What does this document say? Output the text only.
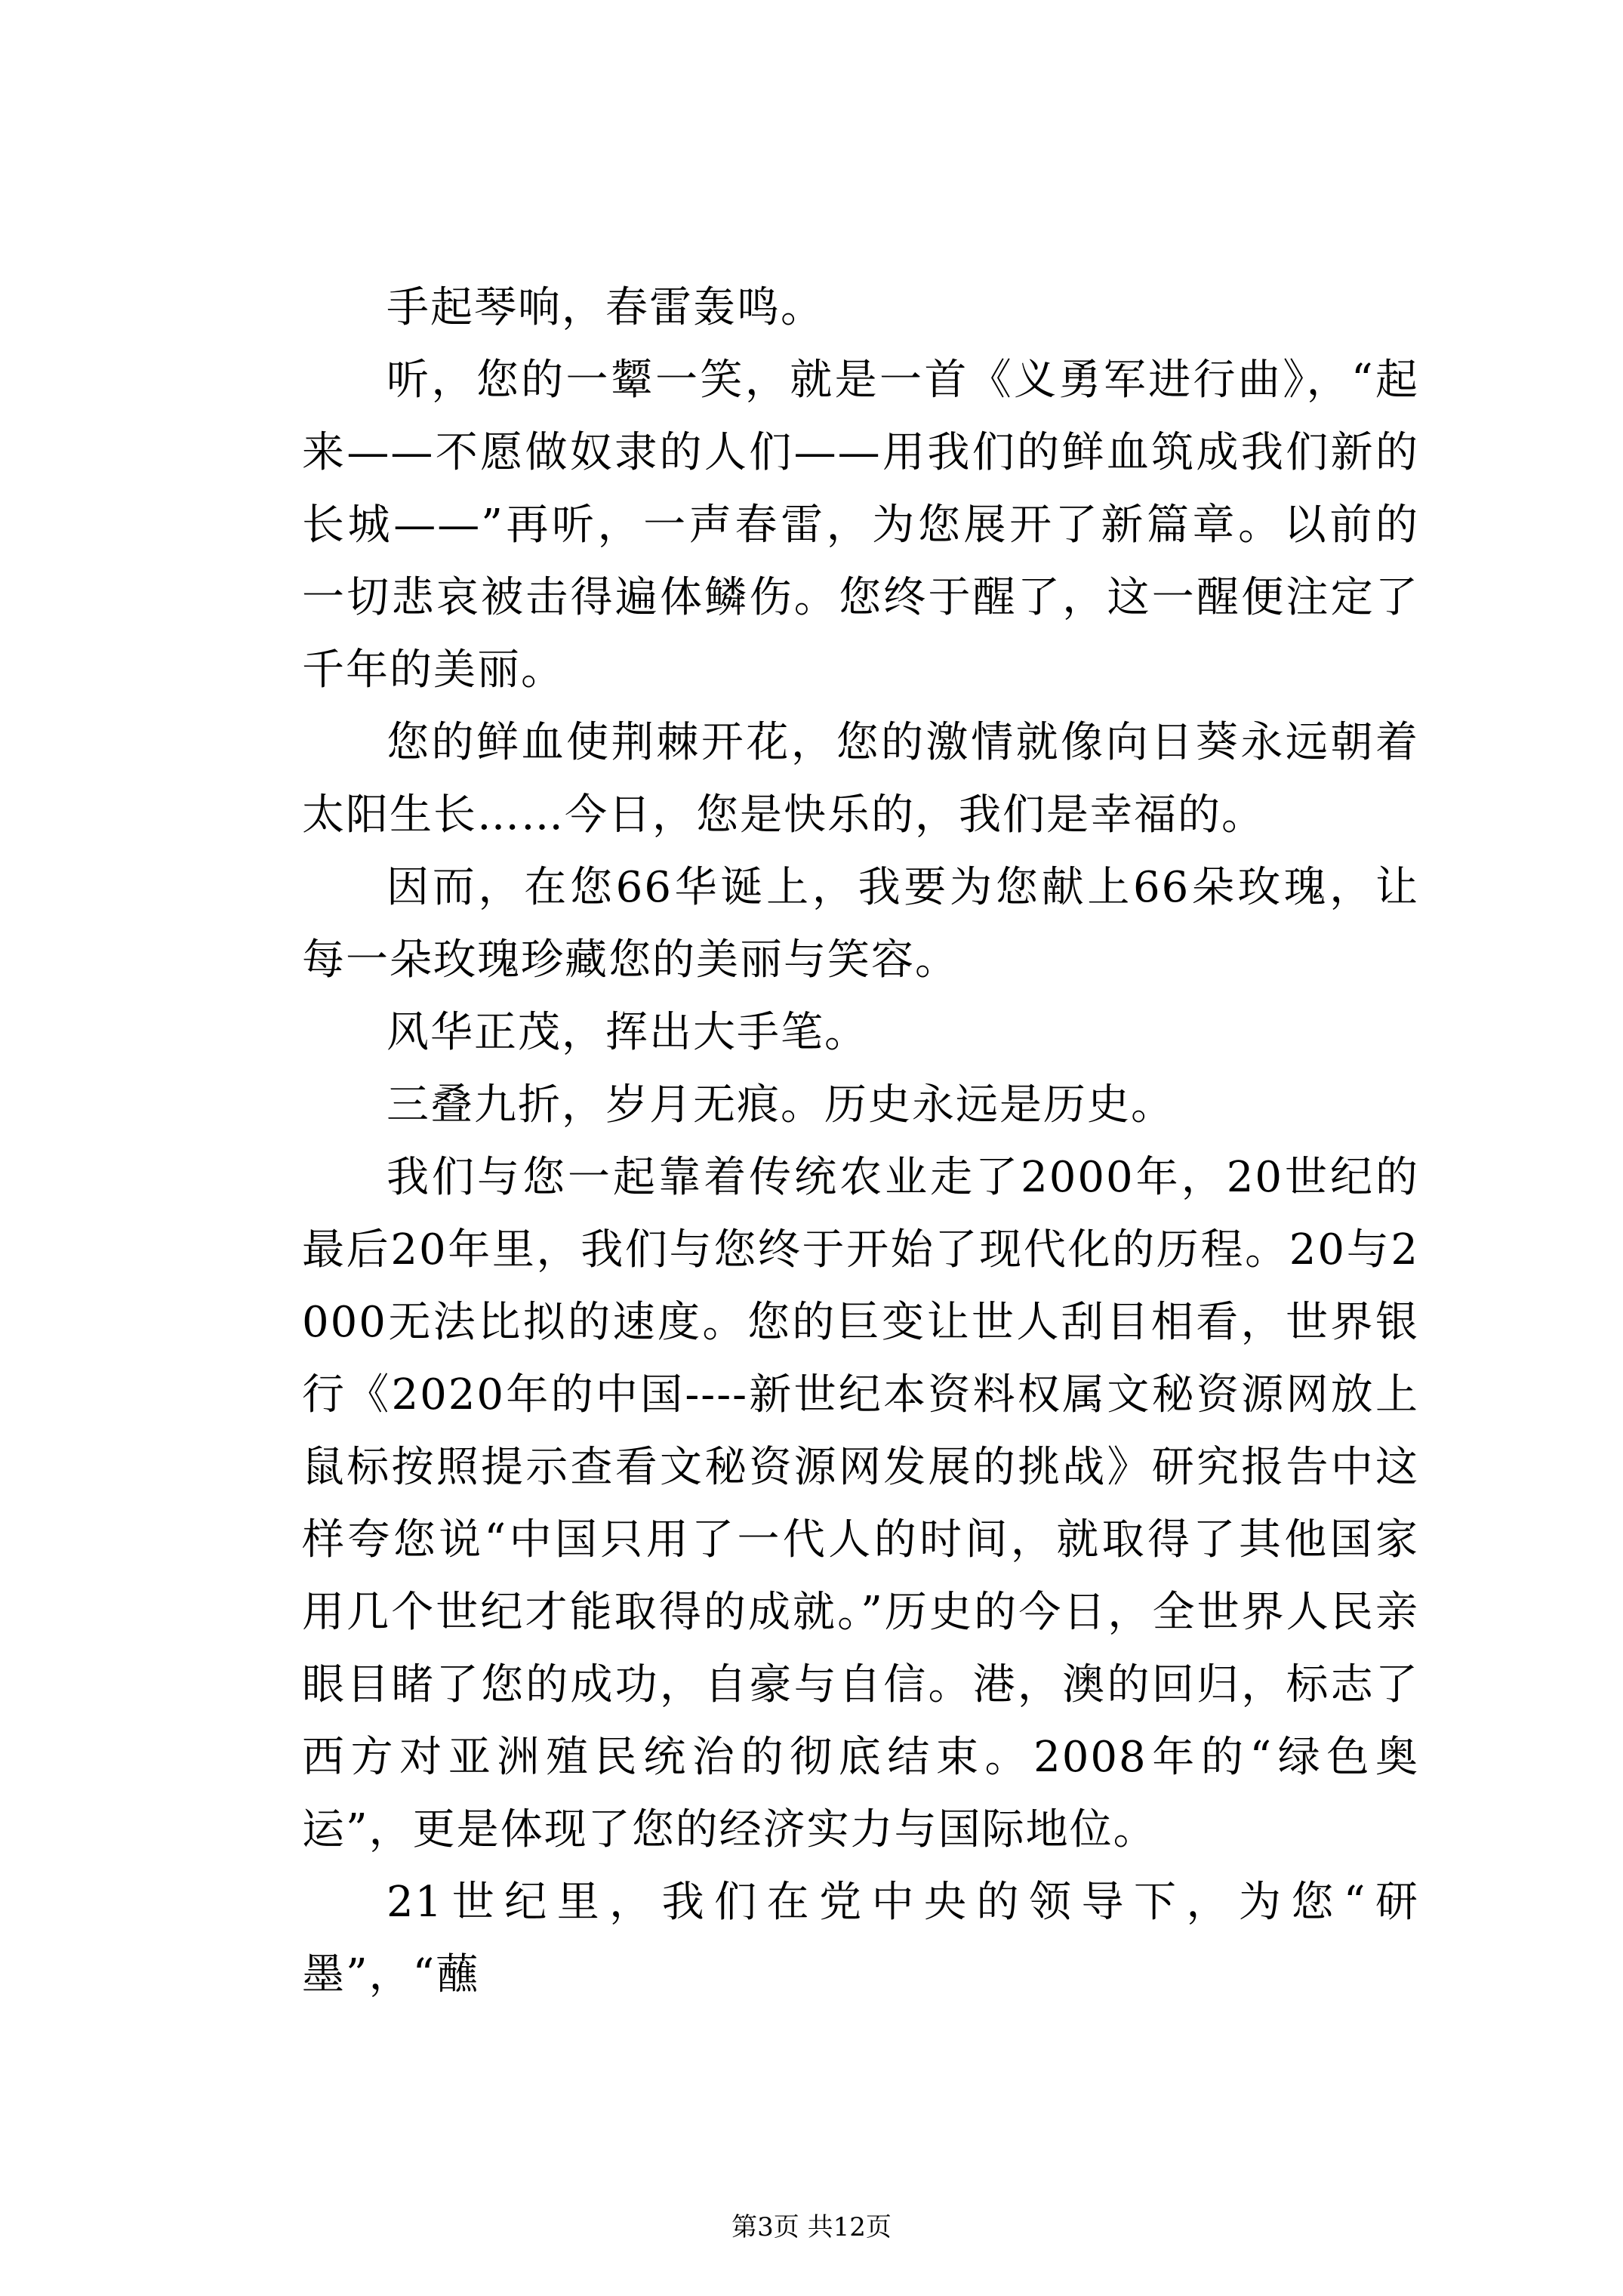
手起琴响，春雷轰鸣。

听，您的一颦一笑，就是一首《义勇军进行曲》，“起来——不愿做奴隶的人们——用我们的鲜血筑成我们新的长城——”再听，一声春雷，为您展开了新篇章。以前的一切悲哀被击得遍体鳞伤。您终于醒了，这一醒便注定了千年的美丽。

您的鲜血使荆棘开花，您的激情就像向日葵永远朝着太阳生长……今日，您是快乐的，我们是幸福的。

因而，在您66华诞上，我要为您献上66朵玫瑰，让每一朵玫瑰珍藏您的美丽与笑容。

风华正茂，挥出大手笔。

三叠九折，岁月无痕。历史永远是历史。

我们与您一起靠着传统农业走了2000年，20世纪的最后20年里，我们与您终于开始了现代化的历程。20与2000无法比拟的速度。您的巨变让世人刮目相看，世界银行《2020年的中国----新世纪本资料权属文秘资源网放上鼠标按照提示查看文秘资源网发展的挑战》研究报告中这样夸您说“中国只用了一代人的时间，就取得了其他国家用几个世纪才能取得的成就。”历史的今日，全世界人民亲眼目睹了您的成功，自豪与自信。港，澳的回归，标志了西方对亚洲殖民统治的彻底结束。2008年的“绿色奥运”，更是体现了您的经济实力与国际地位。

21世纪里，我们在党中央的领导下，为您“研墨”，“蘸

第3页 共12页
